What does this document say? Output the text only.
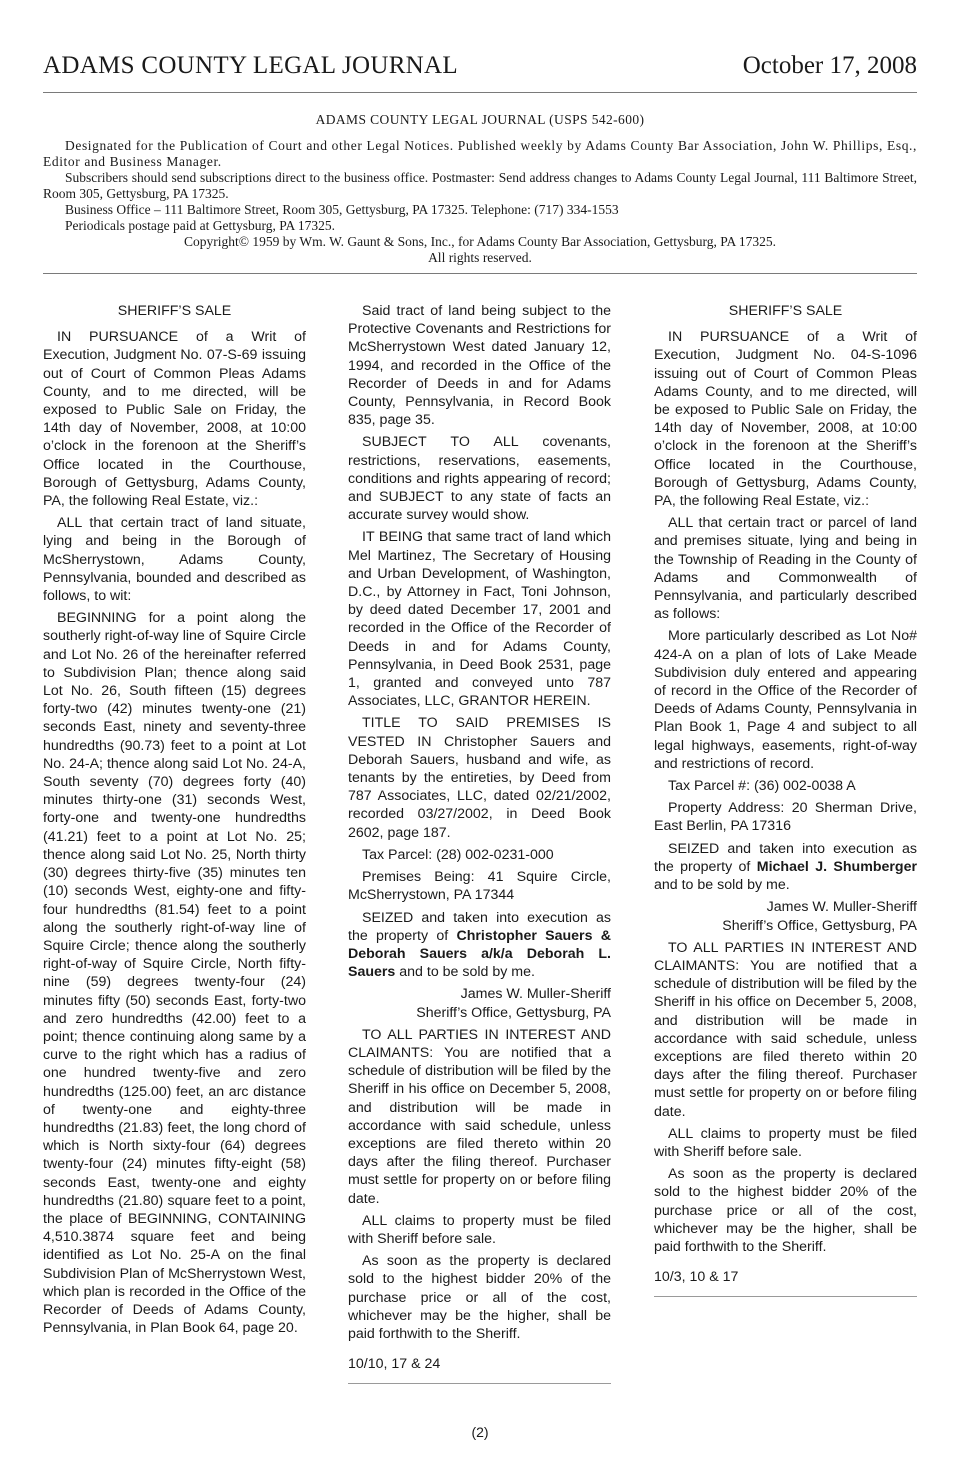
ADAMS COUNTY LEGAL JOURNAL	October 17, 2008

ADAMS COUNTY LEGAL JOURNAL (USPS 542-600)

Designated for the Publication of Court and other Legal Notices. Published weekly by Adams County Bar Association, John W. Phillips, Esq., Editor and Business Manager.

Subscribers should send subscriptions direct to the business office. Postmaster: Send address changes to Adams County Legal Journal, 111 Baltimore Street, Room 305, Gettysburg, PA 17325.

Business Office – 111 Baltimore Street, Room 305, Gettysburg, PA 17325. Telephone: (717) 334-1553

Periodicals postage paid at Gettysburg, PA 17325.

Copyright© 1959 by Wm. W. Gaunt & Sons, Inc., for Adams County Bar Association, Gettysburg, PA 17325.

All rights reserved.

SHERIFF’S SALE

IN PURSUANCE of a Writ of Execution, Judgment No. 07-S-69 issuing out of Court of Common Pleas Adams County, and to me directed, will be exposed to Public Sale on Friday, the 14th day of November, 2008, at 10:00 o’clock in the forenoon at the Sheriff’s Office located in the Courthouse, Borough of Gettysburg, Adams County, PA, the following Real Estate, viz.:

ALL that certain tract of land situate, lying and being in the Borough of McSherrystown, Adams County, Pennsylvania, bounded and described as follows, to wit:

BEGINNING for a point along the southerly right-of-way line of Squire Circle and Lot No. 26 of the hereinafter referred to Subdivision Plan; thence along said Lot No. 26, South fifteen (15) degrees forty-two (42) minutes twenty-one (21) seconds East, ninety and seventy-three hundredths (90.73) feet to a point at Lot No. 24-A; thence along said Lot No. 24-A, South seventy (70) degrees forty (40) minutes thirty-one (31) seconds West, forty-one and twenty-one hundredths (41.21) feet to a point at Lot No. 25; thence along said Lot No. 25, North thirty (30) degrees thirty-five (35) minutes ten (10) seconds West, eighty-one and fifty-four hundredths (81.54) feet to a point along the southerly right-of-way line of Squire Circle; thence along the southerly right-of-way of Squire Circle, North fifty-nine (59) degrees twenty-four (24) minutes fifty (50) seconds East, forty-two and zero hundredths (42.00) feet to a point; thence continuing along same by a curve to the right which has a radius of one hundred twenty-five and zero hundredths (125.00) feet, an arc distance of twenty-one and eighty-three hundredths (21.83) feet, the long chord of which is North sixty-four (64) degrees twenty-four (24) minutes fifty-eight (58) seconds East, twenty-one and eighty hundredths (21.80) square feet to a point, the place of BEGINNING, CONTAINING 4,510.3874 square feet and being identified as Lot No. 25-A on the final Subdivision Plan of McSherrystown West, which plan is recorded in the Office of the Recorder of Deeds of Adams County, Pennsylvania, in Plan Book 64, page 20.

Said tract of land being subject to the Protective Covenants and Restrictions for McSherrystown West dated January 12, 1994, and recorded in the Office of the Recorder of Deeds in and for Adams County, Pennsylvania, in Record Book 835, page 35.

SUBJECT TO ALL covenants, restrictions, reservations, easements, conditions and rights appearing of record; and SUBJECT to any state of facts an accurate survey would show.

IT BEING that same tract of land which Mel Martinez, The Secretary of Housing and Urban Development, of Washington, D.C., by Attorney in Fact, Toni Johnson, by deed dated December 17, 2001 and recorded in the Office of the Recorder of Deeds in and for Adams County, Pennsylvania, in Deed Book 2531, page 1, granted and conveyed unto 787 Associates, LLC, GRANTOR HEREIN.

TITLE TO SAID PREMISES IS VESTED IN Christopher Sauers and Deborah Sauers, husband and wife, as tenants by the entireties, by Deed from 787 Associates, LLC, dated 02/21/2002, recorded 03/27/2002, in Deed Book 2602, page 187.

Tax Parcel: (28) 002-0231-000

Premises Being: 41 Squire Circle, McSherrystown, PA 17344

SEIZED and taken into execution as the property of Christopher Sauers & Deborah Sauers a/k/a Deborah L. Sauers and to be sold by me.

James W. Muller-Sheriff

Sheriff’s Office, Gettysburg, PA

TO ALL PARTIES IN INTEREST AND CLAIMANTS: You are notified that a schedule of distribution will be filed by the Sheriff in his office on December 5, 2008, and distribution will be made in accordance with said schedule, unless exceptions are filed thereto within 20 days after the filing thereof. Purchaser must settle for property on or before filing date.

ALL claims to property must be filed with Sheriff before sale.

As soon as the property is declared sold to the highest bidder 20% of the purchase price or all of the cost, whichever may be the higher, shall be paid forthwith to the Sheriff.

10/10, 17 & 24

SHERIFF’S SALE

IN PURSUANCE of a Writ of Execution, Judgment No. 04-S-1096 issuing out of Court of Common Pleas Adams County, and to me directed, will be exposed to Public Sale on Friday, the 14th day of November, 2008, at 10:00 o’clock in the forenoon at the Sheriff’s Office located in the Courthouse, Borough of Gettysburg, Adams County, PA, the following Real Estate, viz.:

ALL that certain tract or parcel of land and premises situate, lying and being in the Township of Reading in the County of Adams and Commonwealth of Pennsylvania, and particularly described as follows:

More particularly described as Lot No# 424-A on a plan of lots of Lake Meade Subdivision duly entered and appearing of record in the Office of the Recorder of Deeds of Adams County, Pennsylvania in Plan Book 1, Page 4 and subject to all legal highways, easements, right-of-way and restrictions of record.

Tax Parcel #: (36) 002-0038 A

Property Address: 20 Sherman Drive, East Berlin, PA 17316

SEIZED and taken into execution as the property of Michael J. Shumberger and to be sold by me.

James W. Muller-Sheriff

Sheriff’s Office, Gettysburg, PA

TO ALL PARTIES IN INTEREST AND CLAIMANTS: You are notified that a schedule of distribution will be filed by the Sheriff in his office on December 5, 2008, and distribution will be made in accordance with said schedule, unless exceptions are filed thereto within 20 days after the filing thereof. Purchaser must settle for property on or before filing date.

ALL claims to property must be filed with Sheriff before sale.

As soon as the property is declared sold to the highest bidder 20% of the purchase price or all of the cost, whichever may be the higher, shall be paid forthwith to the Sheriff.

10/3, 10 & 17

(2)
